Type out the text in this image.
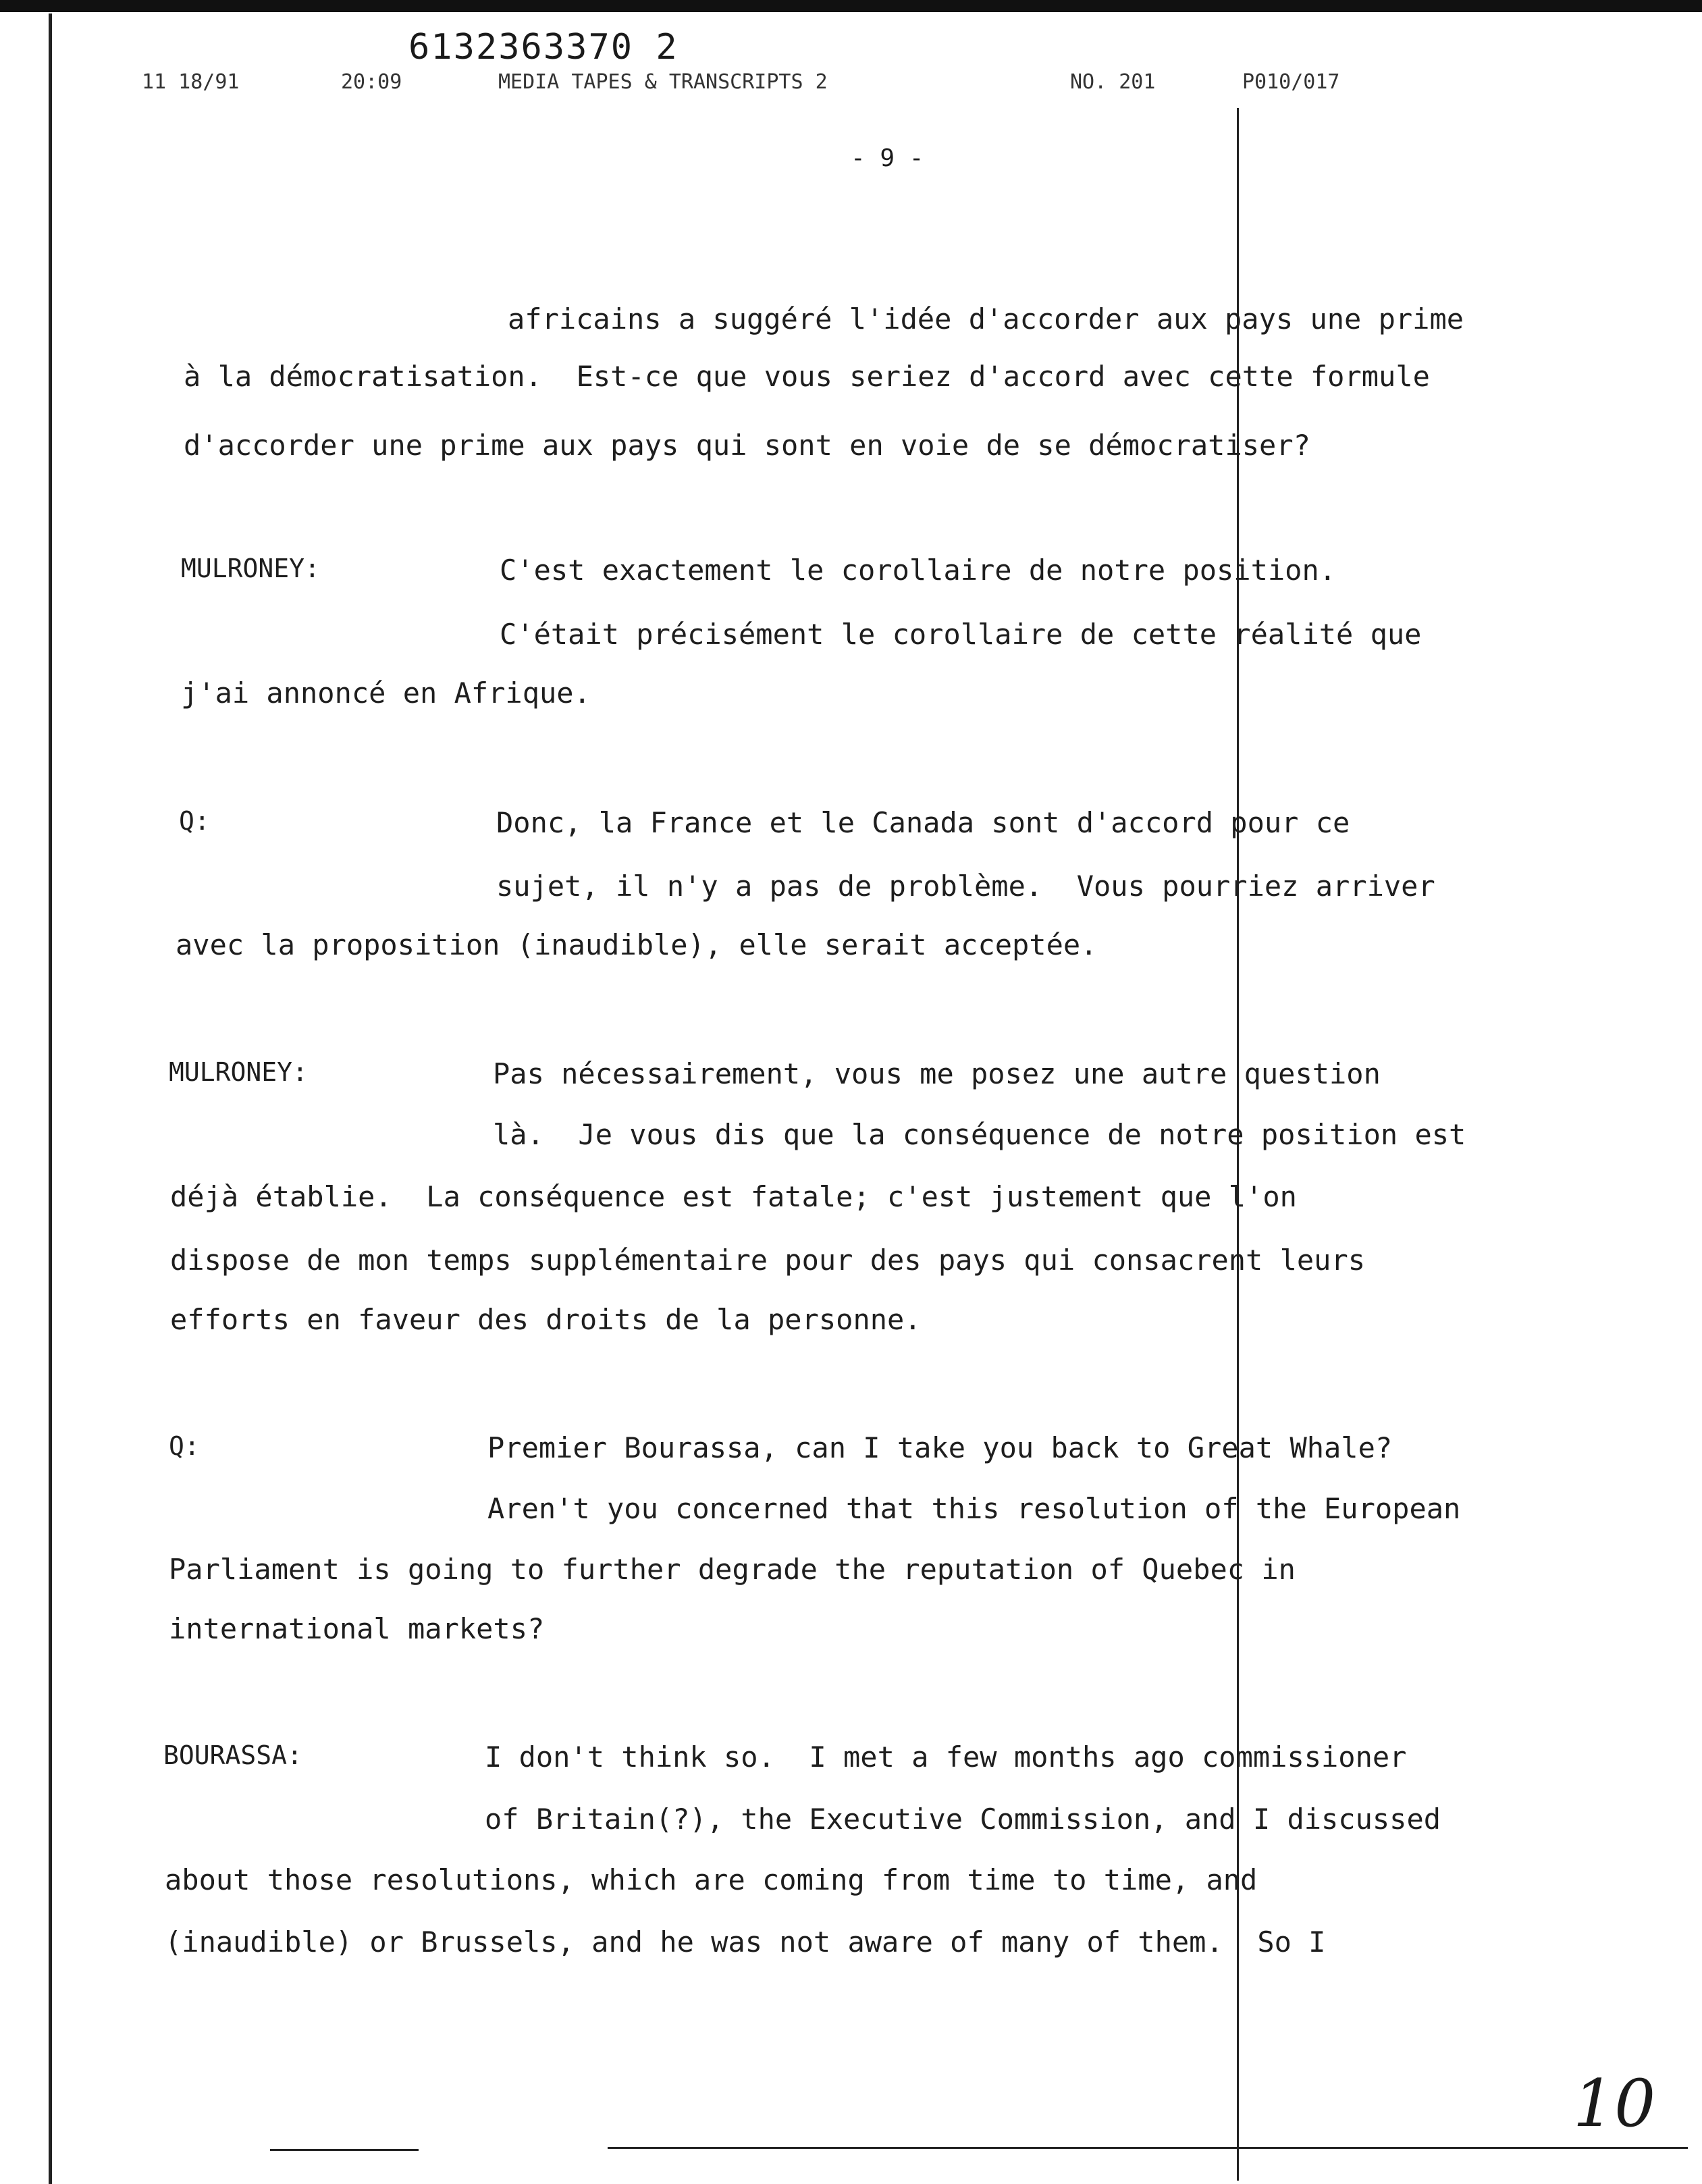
6132363370 2
11 18/91	20:09	MEDIA TAPES & TRANSCRIPTS 2	NO. 201	P010/017
- 9 -
africains a suggéré l'idée d'accorder aux pays une prime
à la démocratisation.  Est-ce que vous seriez d'accord avec cette formule
d'accorder une prime aux pays qui sont en voie de se démocratiser?
MULRONEY:	C'est exactement le corollaire de notre position.
C'était précisément le corollaire de cette réalité que
j'ai annoncé en Afrique.
Q:	Donc, la France et le Canada sont d'accord pour ce
sujet, il n'y a pas de problème.  Vous pourriez arriver
avec la proposition (inaudible), elle serait acceptée.
MULRONEY:	Pas nécessairement, vous me posez une autre question
là.  Je vous dis que la conséquence de notre position est
déjà établie.  La conséquence est fatale; c'est justement que l'on
dispose de mon temps supplémentaire pour des pays qui consacrent leurs
efforts en faveur des droits de la personne.
Q:	Premier Bourassa, can I take you back to Great Whale?
Aren't you concerned that this resolution of the European
Parliament is going to further degrade the reputation of Quebec in
international markets?
BOURASSA:	I don't think so.  I met a few months ago commissioner
of Britain(?), the Executive Commission, and I discussed
about those resolutions, which are coming from time to time, and
(inaudible) or Brussels, and he was not aware of many of them.  So I
10
